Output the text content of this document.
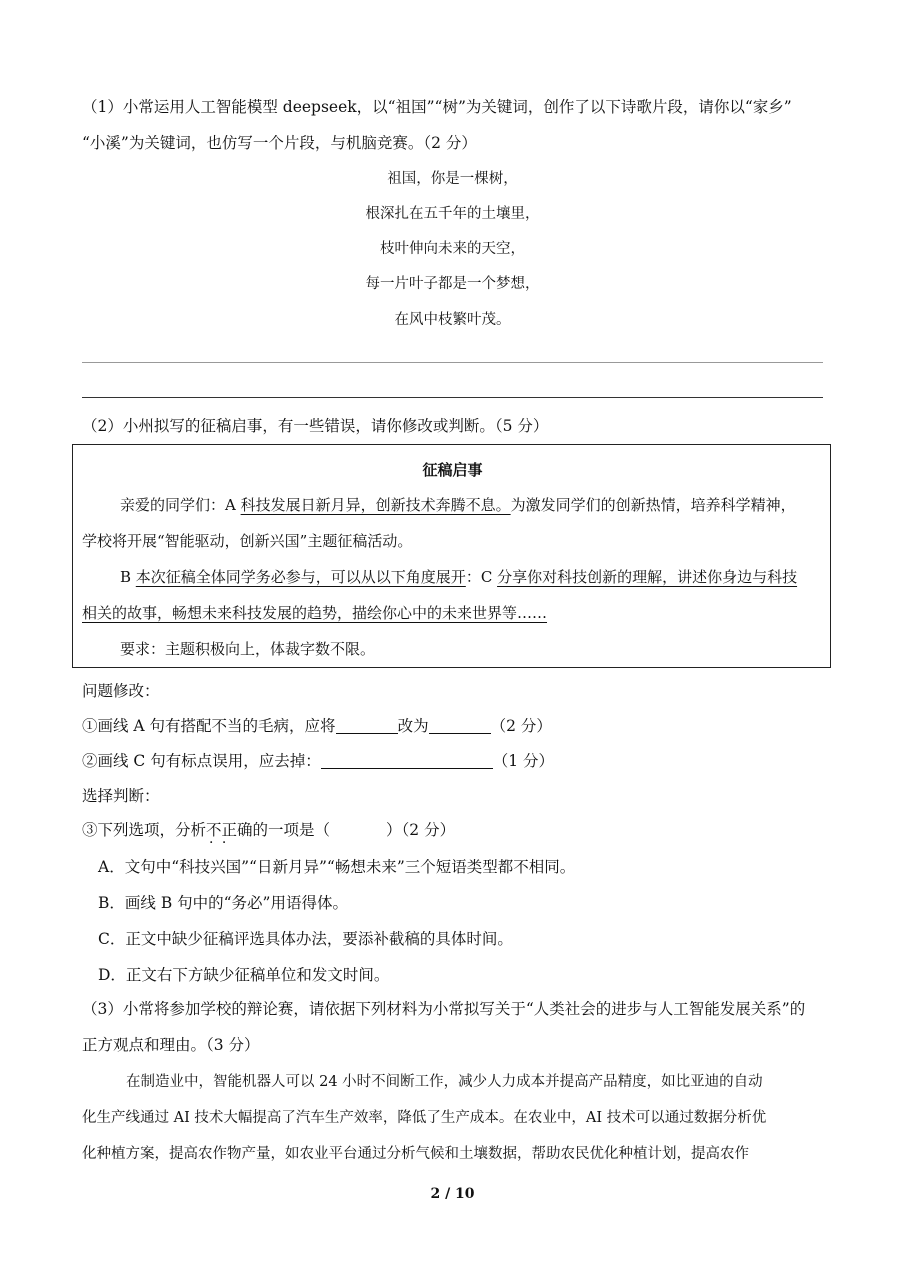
（1）小常运用人工智能模型 deepseek，以“祖国”“树”为关键词，创作了以下诗歌片段，请你以“家乡”
“小溪”为关键词，也仿写一个片段，与机脑竞赛。（2 分）
祖国，你是一棵树，
根深扎在五千年的土壤里，
枝叶伸向未来的天空，
每一片叶子都是一个梦想，
在风中枝繁叶茂。
（2）小州拟写的征稿启事，有一些错误，请你修改或判断。（5 分）
征稿启事
亲爱的同学们：A 科技发展日新月异，创新技术奔腾不息。为激发同学们的创新热情，培养科学精神，
学校将开展“智能驱动，创新兴国”主题征稿活动。
B 本次征稿全体同学务必参与，可以从以下角度展开：C 分享你对科技创新的理解，讲述你身边与科技
相关的故事，畅想未来科技发展的趋势，描绘你心中的未来世界等……
要求：主题积极向上，体裁字数不限。
问题修改：
①画线 A 句有搭配不当的毛病，应将	改为	（2 分）
②画线 C 句有标点误用，应去掉：	（1 分）
选择判断：
③下列选项，分析不正确 · ·的一项是（	）（2 分）
A．文句中“科技兴国”“日新月异”“畅想未来”三个短语类型都不相同。
B．画线 B 句中的“务必”用语得体。
C．正文中缺少征稿评选具体办法，要添补截稿的具体时间。
D．正文右下方缺少征稿单位和发文时间。
（3）小常将参加学校的辩论赛，请依据下列材料为小常拟写关于“人类社会的进步与人工智能发展关系”的
正方观点和理由。（3 分）
在制造业中，智能机器人可以 24 小时不间断工作，减少人力成本并提高产品精度，如比亚迪的自动
化生产线通过 AI 技术大幅提高了汽车生产效率，降低了生产成本。在农业中，AI 技术可以通过数据分析优
化种植方案，提高农作物产量，如农业平台通过分析气候和土壤数据，帮助农民优化种植计划，提高农作
2 / 10
